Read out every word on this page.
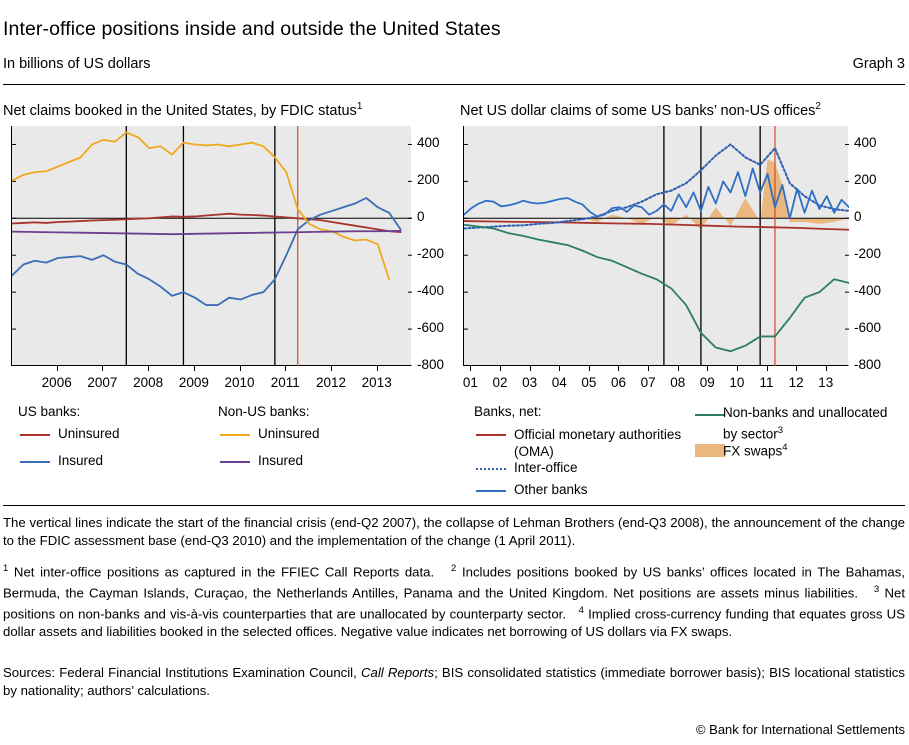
Inter-office positions inside and outside the United States
In billions of US dollars	Graph 3
Net claims booked in the United States, by FDIC status$^1$	Net US dollar claims of some US banks’ non-US offices$^2$
400
200
0
-200
-400
-600
-800
2006	2007	2008	2009	2010	2011	2012	2013
400
200
0
-200
-400
-600
-800
01	02	03	04	05	06	07	08	09	10	11	12	13
US banks:	Non-US banks:
Uninsured
Insured
Uninsured
Insured
Banks, net:
Official monetary authorities (OMA)
Inter-office
Other banks
Non-banks and unallocated by sector$^3$
FX swaps$^4$
The vertical lines indicate the start of the financial crisis (end-Q2 2007), the collapse of Lehman Brothers (end-Q3 2008), the announcement of the change to the FDIC assessment base (end-Q3 2010) and the implementation of the change (1 April 2011).
$^1$ Net inter-office positions as captured in the FFIEC Call Reports data. $^2$ Includes positions booked by US banks’ offices located in The Bahamas, Bermuda, the Cayman Islands, Curaçao, the Netherlands Antilles, Panama and the United Kingdom. Net positions are assets minus liabilities. $^3$ Net positions on non-banks and vis-à-vis counterparties that are unallocated by counterparty sector. $^4$ Implied cross-currency funding that equates gross US dollar assets and liabilities booked in the selected offices. Negative value indicates net borrowing of US dollars via FX swaps.
Sources: Federal Financial Institutions Examination Council, Call Reports; BIS consolidated statistics (immediate borrower basis); BIS locational statistics by nationality; authors’ calculations.
© Bank for International Settlements
